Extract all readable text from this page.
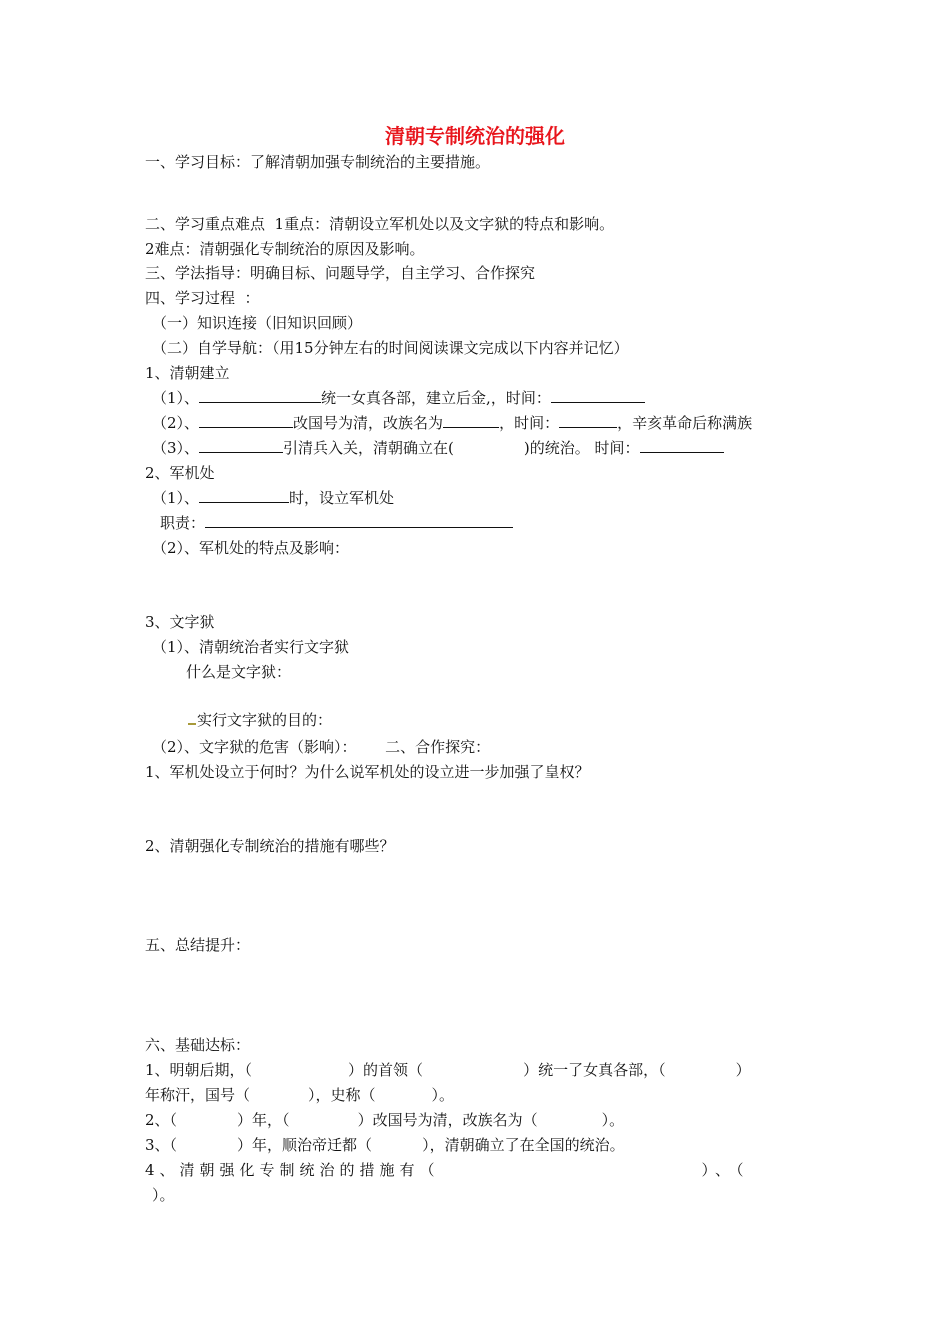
清朝专制统治的强化
一、学习目标：了解清朝加强专制统治的主要措施。
二、学习重点难点  1重点：清朝设立军机处以及文字狱的特点和影响。
2难点：清朝强化专制统治的原因及影响。
三、学法指导：明确目标、问题导学，自主学习、合作探究
四、学习过程  ：
（一）知识连接（旧知识回顾）
（二）自学导航：（用15分钟左右的时间阅读课文完成以下内容并记忆）
1、清朝建立
（1）、	统一女真各部，建立后金,，时间：
（2）、	改国号为清，改族名为	，时间：	，辛亥革命后称满族
（3）、	引清兵入关，清朝确立在(	)的统治。 时间：
2、军机处
（1）、	时，设立军机处
职责：
（2）、军机处的特点及影响：
3、文字狱
（1）、清朝统治者实行文字狱
什么是文字狱：
实行文字狱的目的：
（2）、文字狱的危害（影响）：      二、合作探究：
1、军机处设立于何时？为什么说军机处的设立进一步加强了皇权？
2、清朝强化专制统治的措施有哪些？
五、总结提升：
六、基础达标：
1、明朝后期，（	）的首领（	）统一了女真各部，（	）
年称汗，国号（	），史称（	）。
2、（	）年，（	）改国号为清，改族名为（	）。
3、（	）年，顺治帝迁都（	），清朝确立了在全国的统治。
4、清朝强化专制统治的措施有（	）、（
）。
